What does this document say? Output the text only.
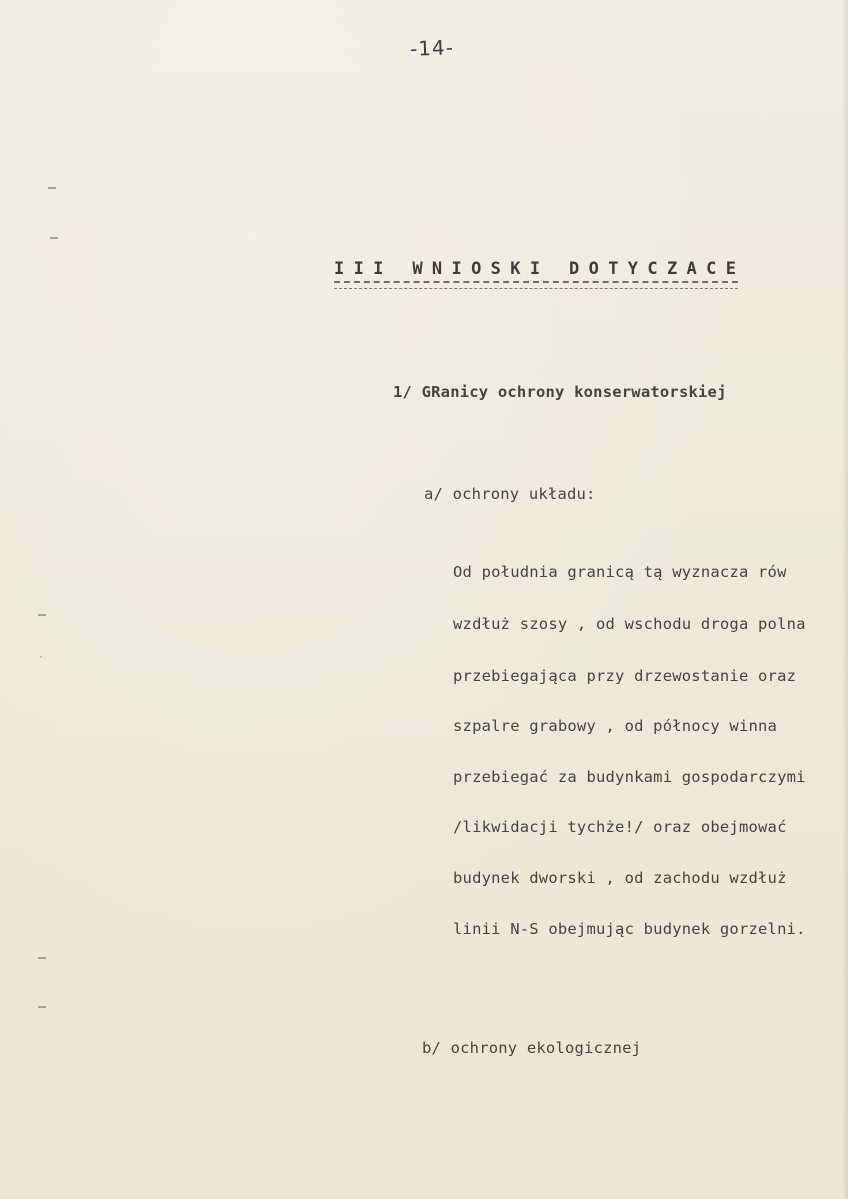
·
-14-
III WNIOSKI DOTYCZACE
1/ GRanicy ochrony konserwatorskiej
a/ ochrony układu:
Od południa granicą tą wyznacza rów
wzdłuż szosy , od wschodu droga polna
przebiegająca przy drzewostanie oraz
szpalre grabowy , od północy winna
przebiegać za budynkami gospodarczymi
/likwidacji tychże!/ oraz obejmować
budynek dworski , od zachodu wzdłuż
linii N-S obejmując budynek gorzelni.
b/ ochrony ekologicznej
